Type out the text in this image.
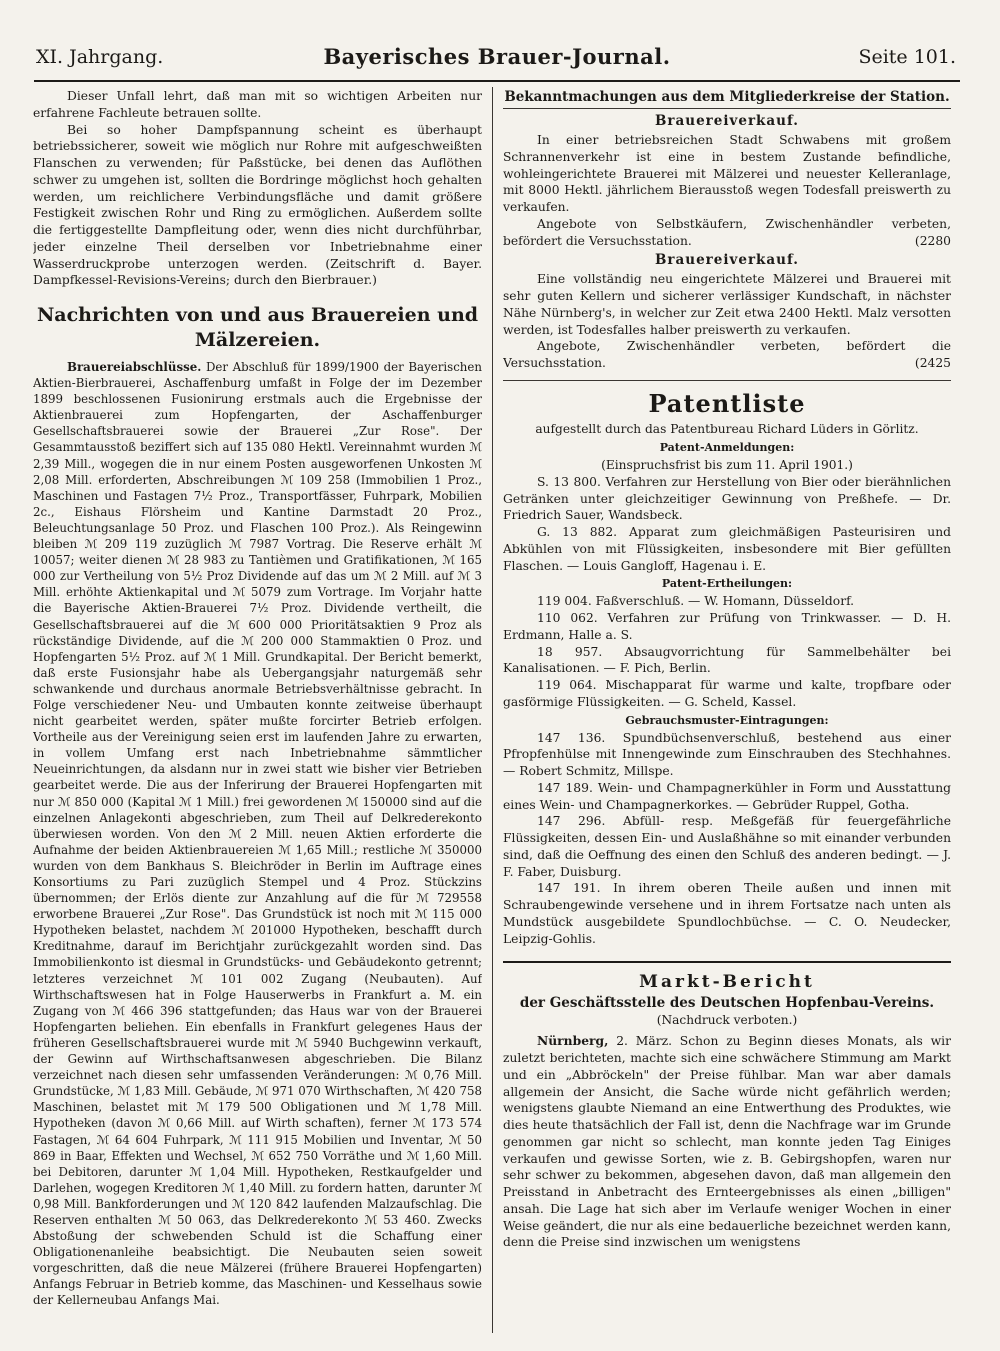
XI. Jahrgang.	Bayerisches Brauer-Journal.	Seite 101.

Dieser Unfall lehrt, daß man mit so wichtigen Arbeiten nur erfahrene Fachleute betrauen sollte.

Bei so hoher Dampfspannung scheint es überhaupt betriebssicherer, soweit wie möglich nur Rohre mit aufgeschweißten Flanschen zu verwenden; für Paßstücke, bei denen das Auflöthen schwer zu umgehen ist, sollten die Bordringe möglichst hoch gehalten werden, um reichlichere Verbindungsfläche und damit größere Festigkeit zwischen Rohr und Ring zu ermöglichen. Außerdem sollte die fertiggestellte Dampfleitung oder, wenn dies nicht durchführbar, jeder einzelne Theil derselben vor Inbetriebnahme einer Wasserdruckprobe unterzogen werden. (Zeitschrift d. Bayer. Dampfkessel-Revisions-Vereins; durch den Bierbrauer.)

Nachrichten von und aus Brauereien und Mälzereien.

Brauereiabschlüsse. Der Abschluß für 1899/1900 der Bayerischen Aktien-Bierbrauerei, Aschaffenburg umfaßt in Folge der im Dezember 1899 beschlossenen Fusionirung erstmals auch die Ergebnisse der Aktienbrauerei zum Hopfengarten, der Aschaffenburger Gesellschaftsbrauerei sowie der Brauerei „Zur Rose". Der Gesammtausstoß beziffert sich auf 135 080 Hektl. Vereinnahmt wurden ℳ 2,39 Mill., wogegen die in nur einem Posten ausgeworfenen Unkosten ℳ 2,08 Mill. erforderten, Abschreibungen ℳ 109 258 (Immobilien 1 Proz., Maschinen und Fastagen 7½ Proz., Transportfässer, Fuhrpark, Mobilien 2c., Eishaus Flörsheim und Kantine Darmstadt 20 Proz., Beleuchtungsanlage 50 Proz. und Flaschen 100 Proz.). Als Reingewinn bleiben ℳ 209 119 zuzüglich ℳ 7987 Vortrag. Die Reserve erhält ℳ 10057; weiter dienen ℳ 28 983 zu Tantièmen und Gratifikationen, ℳ 165 000 zur Vertheilung von 5½ Proz Dividende auf das um ℳ 2 Mill. auf ℳ 3 Mill. erhöhte Aktienkapital und ℳ 5079 zum Vortrage. Im Vorjahr hatte die Bayerische Aktien-Brauerei 7½ Proz. Dividende vertheilt, die Gesellschaftsbrauerei auf die ℳ 600 000 Prioritätsaktien 9 Proz als rückständige Dividende, auf die ℳ 200 000 Stammaktien 0 Proz. und Hopfengarten 5½ Proz. auf ℳ 1 Mill. Grundkapital. Der Bericht bemerkt, daß erste Fusionsjahr habe als Uebergangsjahr naturgemäß sehr schwankende und durchaus anormale Betriebsverhältnisse gebracht. In Folge verschiedener Neu- und Umbauten konnte zeitweise überhaupt nicht gearbeitet werden, später mußte forcirter Betrieb erfolgen. Vortheile aus der Vereinigung seien erst im laufenden Jahre zu erwarten, in vollem Umfang erst nach Inbetriebnahme sämmtlicher Neueinrichtungen, da alsdann nur in zwei statt wie bisher vier Betrieben gearbeitet werde. Die aus der Inferirung der Brauerei Hopfengarten mit nur ℳ 850 000 (Kapital ℳ 1 Mill.) frei gewordenen ℳ 150000 sind auf die einzelnen Anlagekonti abgeschrieben, zum Theil auf Delkrederekonto überwiesen worden. Von den ℳ 2 Mill. neuen Aktien erforderte die Aufnahme der beiden Aktienbrauereien ℳ 1,65 Mill.; restliche ℳ 350000 wurden von dem Bankhaus S. Bleichröder in Berlin im Auftrage eines Konsortiums zu Pari zuzüglich Stempel und 4 Proz. Stückzins übernommen; der Erlös diente zur Anzahlung auf die für ℳ 729558 erworbene Brauerei „Zur Rose". Das Grundstück ist noch mit ℳ 115 000 Hypotheken belastet, nachdem ℳ 201000 Hypotheken, beschafft durch Kreditnahme, darauf im Berichtjahr zurückgezahlt worden sind. Das Immobilienkonto ist diesmal in Grundstücks- und Gebäudekonto getrennt; letzteres verzeichnet ℳ 101 002 Zugang (Neubauten). Auf Wirthschaftswesen hat in Folge Hauserwerbs in Frankfurt a. M. ein Zugang von ℳ 466 396 stattgefunden; das Haus war von der Brauerei Hopfengarten beliehen. Ein ebenfalls in Frankfurt gelegenes Haus der früheren Gesellschaftsbrauerei wurde mit ℳ 5940 Buchgewinn verkauft, der Gewinn auf Wirthschaftsanwesen abgeschrieben. Die Bilanz verzeichnet nach diesen sehr umfassenden Veränderungen: ℳ 0,76 Mill. Grundstücke, ℳ 1,83 Mill. Gebäude, ℳ 971 070 Wirthschaften, ℳ 420 758 Maschinen, belastet mit ℳ 179 500 Obligationen und ℳ 1,78 Mill. Hypotheken (davon ℳ 0,66 Mill. auf Wirth schaften), ferner ℳ 173 574 Fastagen, ℳ 64 604 Fuhrpark, ℳ 111 915 Mobilien und Inventar, ℳ 50 869 in Baar, Effekten und Wechsel, ℳ 652 750 Vorräthe und ℳ 1,60 Mill. bei Debitoren, darunter ℳ 1,04 Mill. Hypotheken, Restkaufgelder und Darlehen, wogegen Kreditoren ℳ 1,40 Mill. zu fordern hatten, darunter ℳ 0,98 Mill. Bankforderungen und ℳ 120 842 laufenden Malzaufschlag. Die Reserven enthalten ℳ 50 063, das Delkrederekonto ℳ 53 460. Zwecks Abstoßung der schwebenden Schuld ist die Schaffung einer Obligationenanleihe beabsichtigt. Die Neubauten seien soweit vorgeschritten, daß die neue Mälzerei (frühere Brauerei Hopfengarten) Anfangs Februar in Betrieb komme, das Maschinen- und Kesselhaus sowie der Kellerneubau Anfangs Mai.

Bekanntmachungen aus dem Mitgliederkreise der Station.
Brauereiverkauf.

In einer betriebsreichen Stadt Schwabens mit großem Schrannenverkehr ist eine in bestem Zustande befindliche, wohleingerichtete Brauerei mit Mälzerei und neuester Kelleranlage, mit 8000 Hektl. jährlichem Bierausstoß wegen Todesfall preiswerth zu verkaufen.

Angebote von Selbstkäufern, Zwischenhändler verbeten, befördert die Versuchsstation.	(2280

Brauereiverkauf.

Eine vollständig neu eingerichtete Mälzerei und Brauerei mit sehr guten Kellern und sicherer verlässiger Kundschaft, in nächster Nähe Nürnberg's, in welcher zur Zeit etwa 2400 Hektl. Malz versotten werden, ist Todesfalles halber preiswerth zu verkaufen.

Angebote, Zwischenhändler verbeten, befördert die Versuchsstation.	(2425

Patentliste
aufgestellt durch das Patentbureau Richard Lüders in Görlitz.
Patent-Anmeldungen:
(Einspruchsfrist bis zum 11. April 1901.)

S. 13 800. Verfahren zur Herstellung von Bier oder bierähnlichen Getränken unter gleichzeitiger Gewinnung von Preßhefe. — Dr. Friedrich Sauer, Wandsbeck.

G. 13 882. Apparat zum gleichmäßigen Pasteurisiren und Abkühlen von mit Flüssigkeiten, insbesondere mit Bier gefüllten Flaschen. — Louis Gangloff, Hagenau i. E.

Patent-Ertheilungen:

119 004. Faßverschluß. — W. Homann, Düsseldorf.

110 062. Verfahren zur Prüfung von Trinkwasser. — D. H. Erdmann, Halle a. S.

18 957. Absaugvorrichtung für Sammelbehälter bei Kanalisationen. — F. Pich, Berlin.

119 064. Mischapparat für warme und kalte, tropfbare oder gasförmige Flüssigkeiten. — G. Scheld, Kassel.

Gebrauchsmuster-Eintragungen:

147 136. Spundbüchsenverschluß, bestehend aus einer Pfropfenhülse mit Innengewinde zum Einschrauben des Stechhahnes. — Robert Schmitz, Millspe.

147 189. Wein- und Champagnerkühler in Form und Ausstattung eines Wein- und Champagnerkorkes. — Gebrüder Ruppel, Gotha.

147 296. Abfüll- resp. Meßgefäß für feuergefährliche Flüssigkeiten, dessen Ein- und Auslaßhähne so mit einander verbunden sind, daß die Oeffnung des einen den Schluß des anderen bedingt. — J. F. Faber, Duisburg.

147 191. In ihrem oberen Theile außen und innen mit Schraubengewinde versehene und in ihrem Fortsatze nach unten als Mundstück ausgebildete Spundlochbüchse. — C. O. Neudecker, Leipzig-Gohlis.

Markt-Bericht
der Geschäftsstelle des Deutschen Hopfenbau-Vereins.
(Nachdruck verboten.)

Nürnberg, 2. März. Schon zu Beginn dieses Monats, als wir zuletzt berichteten, machte sich eine schwächere Stimmung am Markt und ein „Abbröckeln" der Preise fühlbar. Man war aber damals allgemein der Ansicht, die Sache würde nicht gefährlich werden; wenigstens glaubte Niemand an eine Entwerthung des Produktes, wie dies heute thatsächlich der Fall ist, denn die Nachfrage war im Grunde genommen gar nicht so schlecht, man konnte jeden Tag Einiges verkaufen und gewisse Sorten, wie z. B. Gebirgshopfen, waren nur sehr schwer zu bekommen, abgesehen davon, daß man allgemein den Preisstand in Anbetracht des Ernteergebnisses als einen „billigen" ansah. Die Lage hat sich aber im Verlaufe weniger Wochen in einer Weise geändert, die nur als eine bedauerliche bezeichnet werden kann, denn die Preise sind inzwischen um wenigstens
